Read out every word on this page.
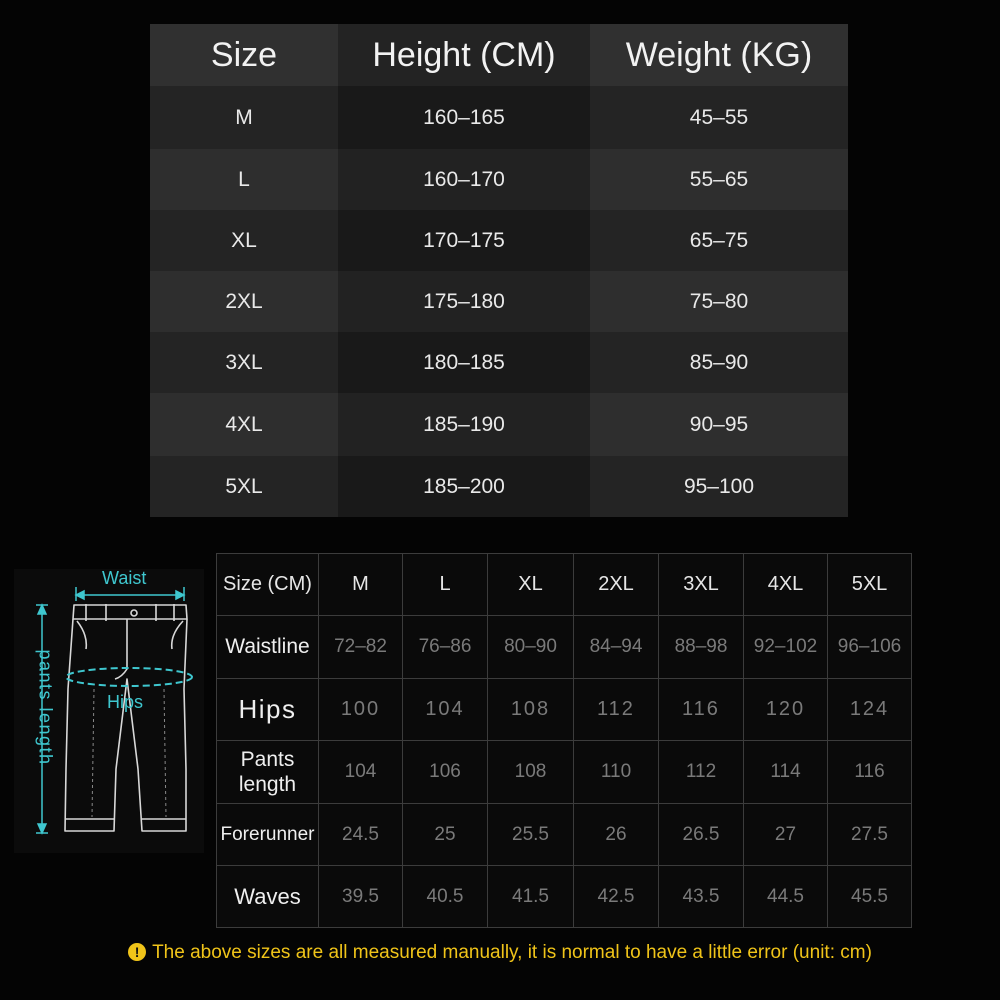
Size	Height (CM)	Weight (KG)
M	160–165	45–55
L	160–170	55–65
XL	170–175	65–75
2XL	175–180	75–80
3XL	180–185	85–90
4XL	185–190	90–95
5XL	185–200	95–100
Waist
Hips
pants length
Size (CM)	M	L	XL	2XL	3XL	4XL	5XL
Waistline	72–82	76–86	80–90	84–94	88–98	92–102	96–106
Hips	100	104	108	112	116	120	124
Pants length	104	106	108	110	112	114	116
Forerunner	24.5	25	25.5	26	26.5	27	27.5
Waves	39.5	40.5	41.5	42.5	43.5	44.5	45.5
! The above sizes are all measured manually, it is normal to have a little error (unit: cm)
